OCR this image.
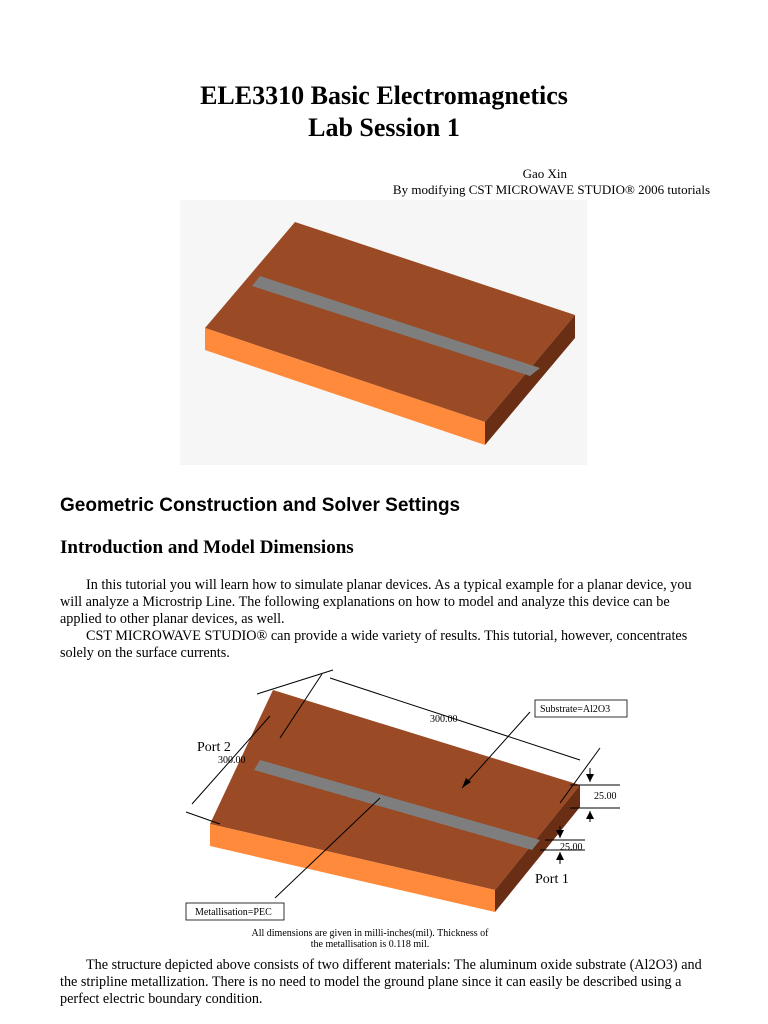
ELE3310 Basic Electromagnetics
Lab Session 1
Gao Xin
By modifying CST MICROWAVE STUDIO® 2006 tutorials
Geometric Construction and Solver Settings
Introduction and Model Dimensions

In this tutorial you will learn how to simulate planar devices. As a typical example for a planar device, you will analyze a Microstrip Line. The following explanations on how to model and analyze this device can be applied to other planar devices, as well.

CST MICROWAVE STUDIO® can provide a wide variety of results. This tutorial, however, concentrates solely on the surface currents.

Port 2
Port 1
300.00
300.00
25.00
25.00
Substrate=Al2O3
Metallisation=PEC
All dimensions are given in milli-inches(mil). Thickness of
the metallisation is 0.118 mil.

The structure depicted above consists of two different materials: The aluminum oxide substrate (Al2O3) and the stripline metallization. There is no need to model the ground plane since it can easily be described using a perfect electric boundary condition.
